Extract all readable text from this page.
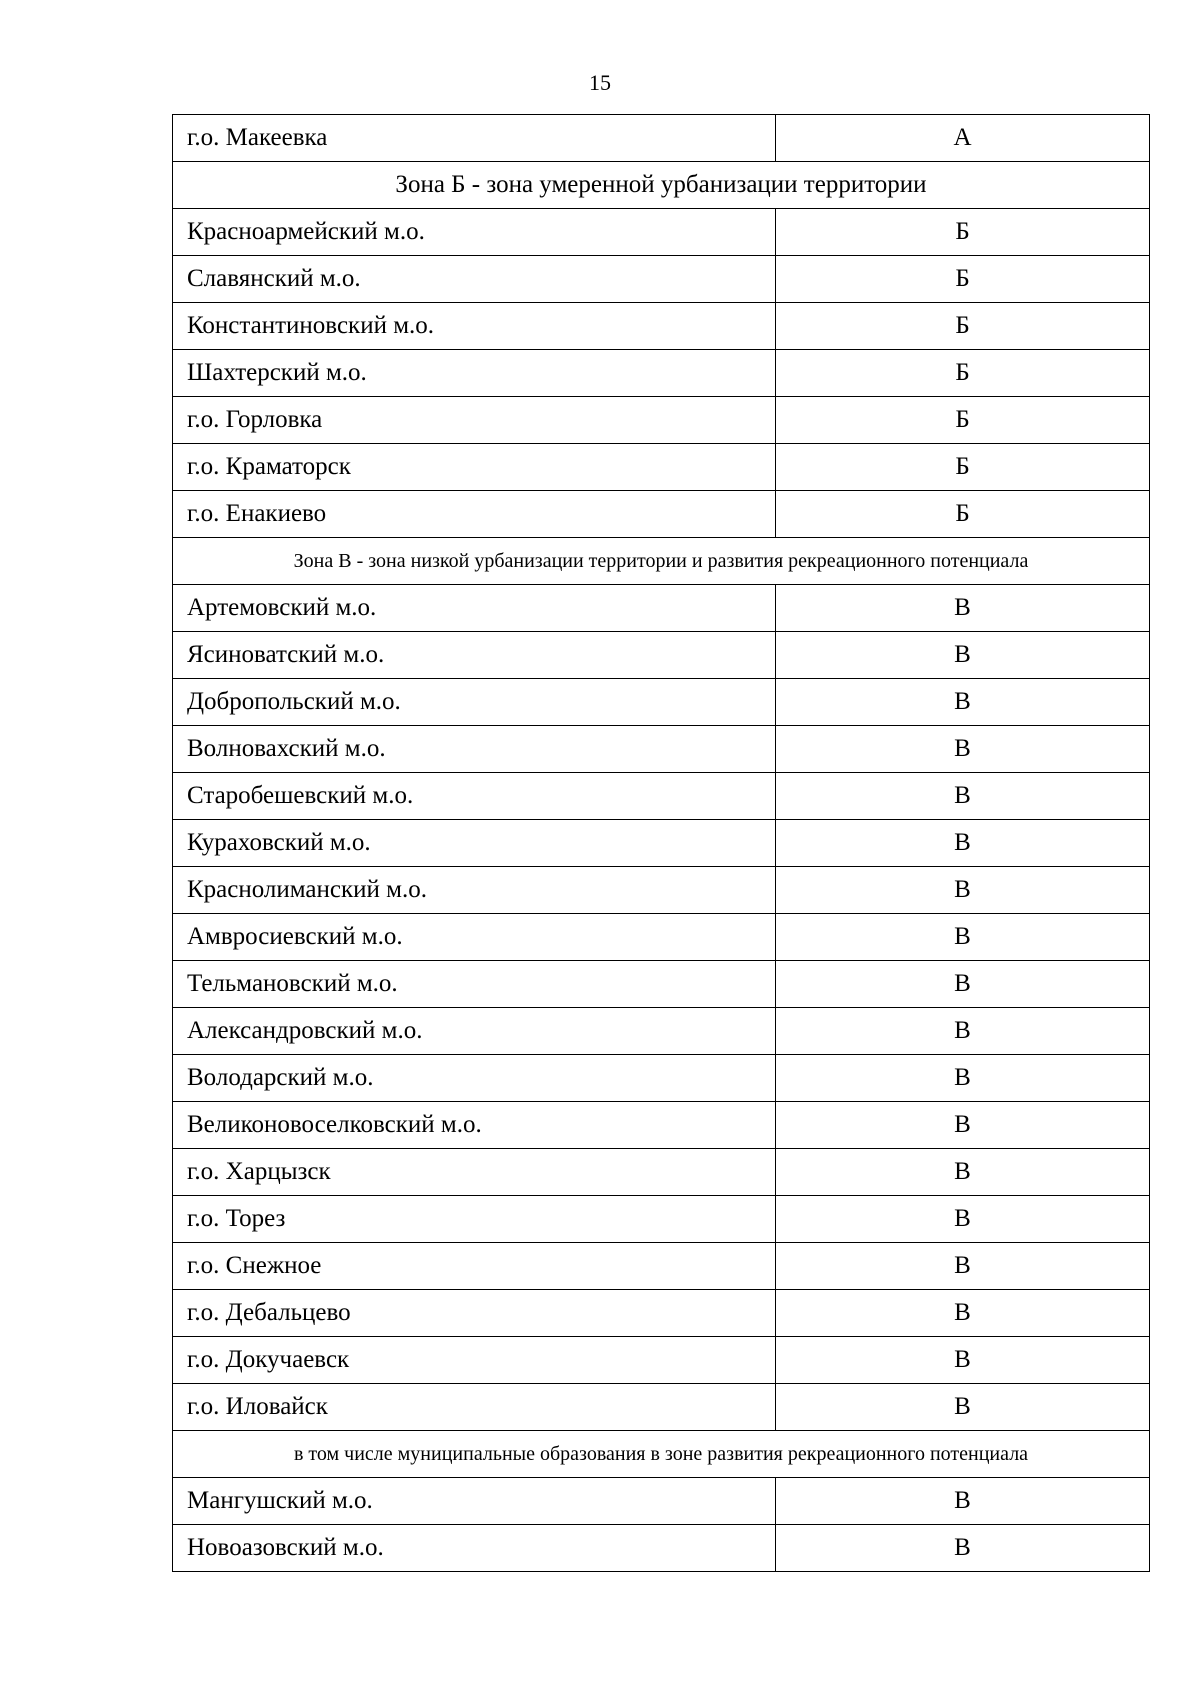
15
г.о. Макеевка	А
Зона Б - зона умеренной урбанизации территории	
Красноармейский м.о.	Б
Славянский м.о.	Б
Константиновский м.о.	Б
Шахтерский м.о.	Б
г.о. Горловка	Б
г.о. Краматорск	Б
г.о. Енакиево	Б
Зона В - зона низкой урбанизации территории и развития рекреационного потенциала	
Артемовский м.о.	В
Ясиноватский м.о.	В
Добропольский м.о.	В
Волновахский м.о.	В
Старобешевский м.о.	В
Кураховский м.о.	В
Краснолиманский м.о.	В
Амвросиевский м.о.	В
Тельмановский м.о.	В
Александровский м.о.	В
Володарский м.о.	В
Великоновоселковский м.о.	В
г.о. Харцызск	В
г.о. Торез	В
г.о. Снежное	В
г.о. Дебальцево	В
г.о. Докучаевск	В
г.о. Иловайск	В
в том числе муниципальные образования в зоне развития рекреационного потенциала	
Мангушский м.о.	В
Новоазовский м.о.	В
